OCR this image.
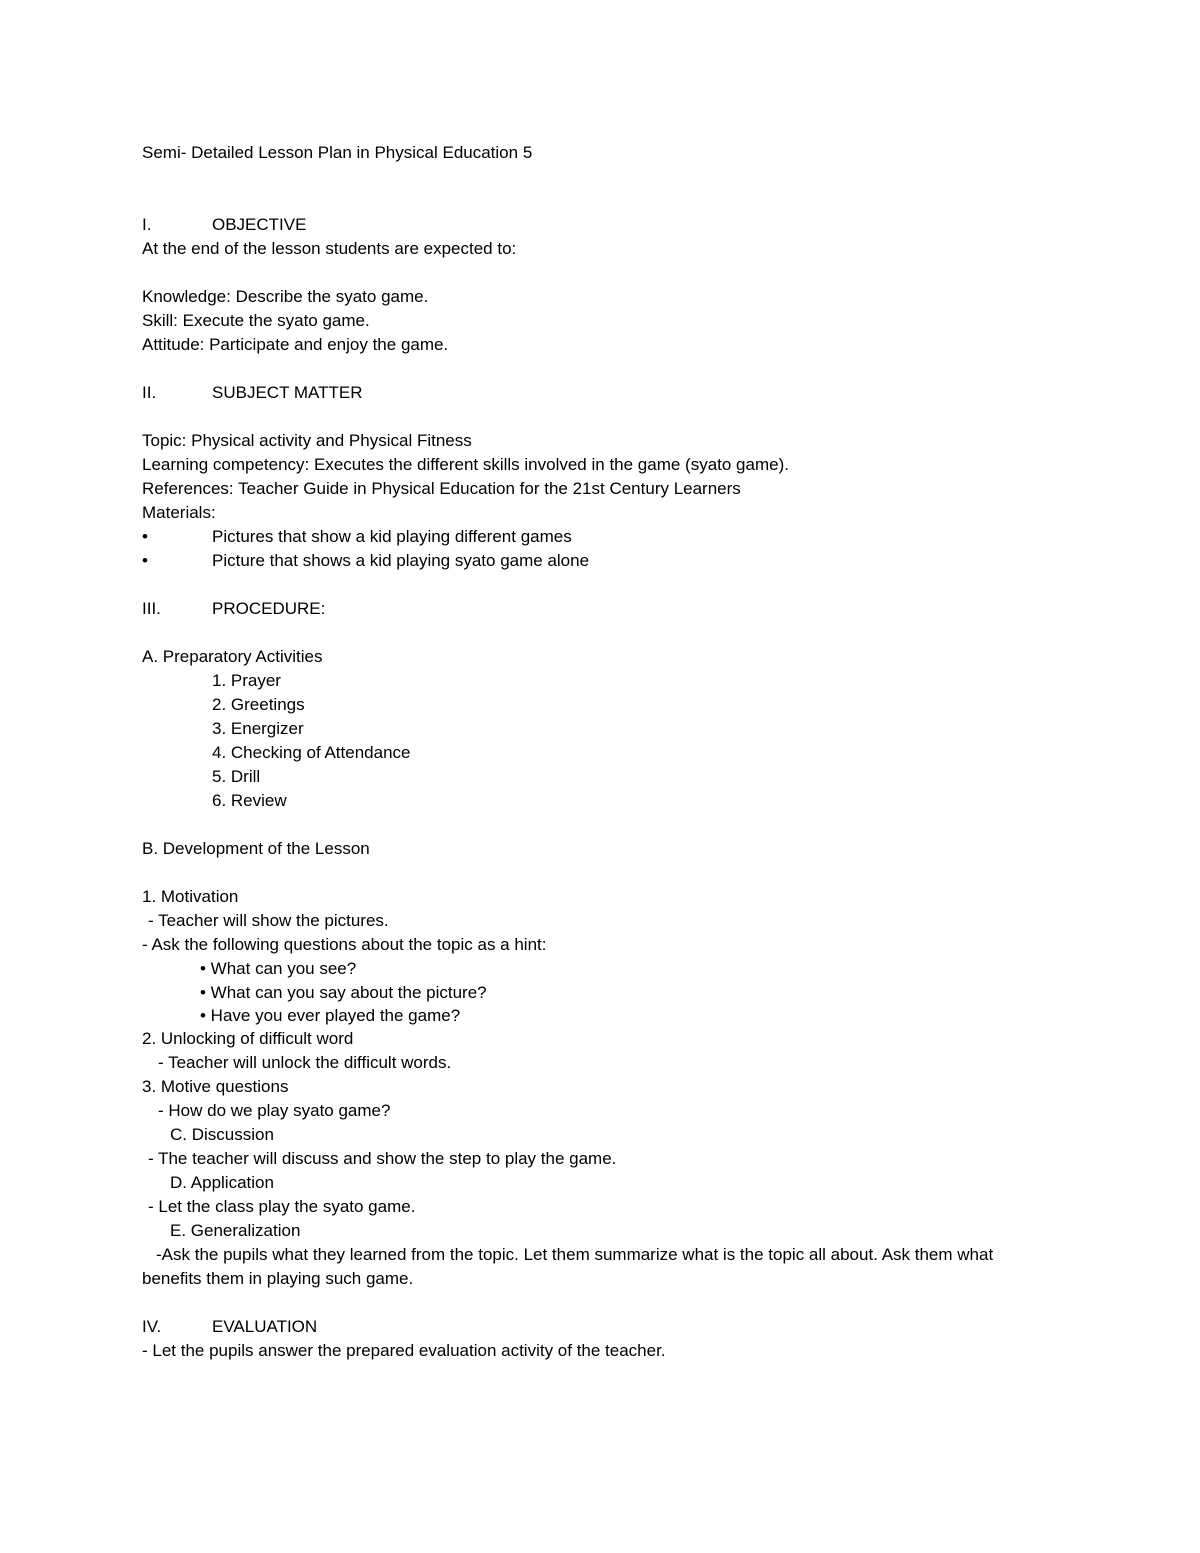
Semi- Detailed Lesson Plan in Physical Education 5
I.	OBJECTIVE
At the end of the lesson students are expected to:
Knowledge: Describe the syato game.
Skill: Execute the syato game.
Attitude: Participate and enjoy the game.
II.	SUBJECT MATTER
Topic: Physical activity and Physical Fitness
Learning competency: Executes the different skills involved in the game (syato game).
References: Teacher Guide in Physical Education for the 21st Century Learners
Materials:
•	Pictures that show a kid playing different games
•	Picture that shows a kid playing syato game alone
III.	PROCEDURE:
A. Preparatory Activities
1. Prayer
2. Greetings
3. Energizer
4. Checking of Attendance
5. Drill
6. Review
B. Development of the Lesson
1. Motivation
- Teacher will show the pictures.
- Ask the following questions about the topic as a hint:
• What can you see?
• What can you say about the picture?
• Have you ever played the game?
2. Unlocking of difficult word
- Teacher will unlock the difficult words.
3. Motive questions
- How do we play syato game?
C. Discussion
- The teacher will discuss and show the step to play the game.
D. Application
- Let the class play the syato game.
E. Generalization
-Ask the pupils what they learned from the topic. Let them summarize what is the topic all about. Ask them what
benefits them in playing such game.
IV.	EVALUATION
- Let the pupils answer the prepared evaluation activity of the teacher.
